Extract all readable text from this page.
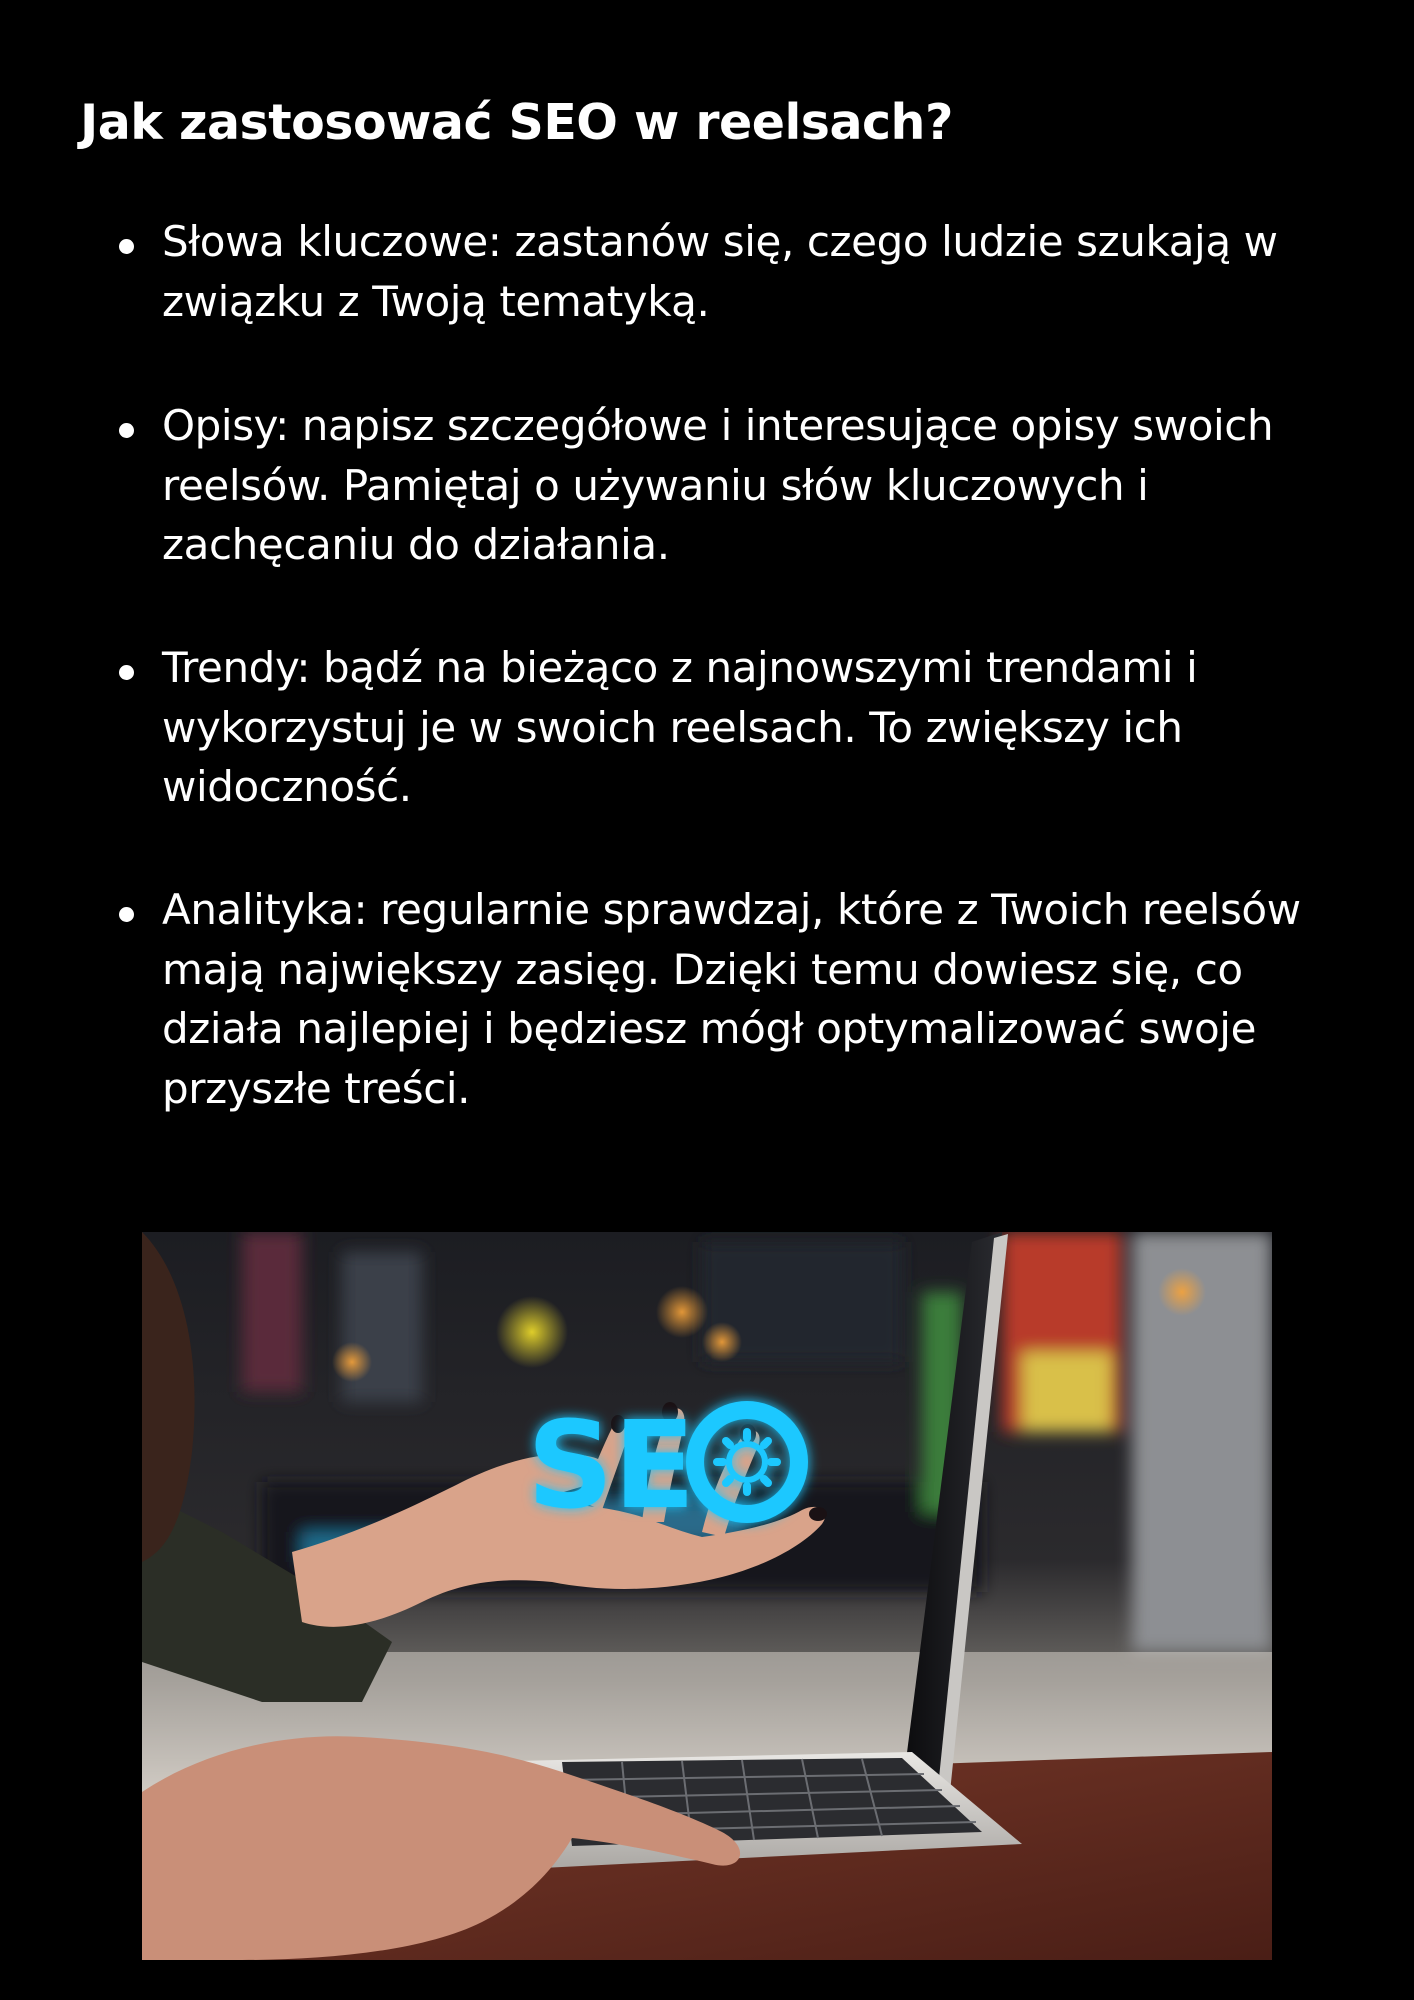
Jak zastosować SEO w reelsach?
Słowa kluczowe: zastanów się, czego ludzie szukają w związku z Twoją tematyką.
Opisy: napisz szczegółowe i interesujące opisy swoich reelsów. Pamiętaj o używaniu słów kluczowych i zachęcaniu do działania.
Trendy: bądź na bieżąco z najnowszymi trendami i wykorzystuj je w swoich reelsach. To zwiększy ich widoczność.
Analityka: regularnie sprawdzaj, które z Twoich reelsów mają największy zasięg. Dzięki temu dowiesz się, co działa najlepiej i będziesz mógł optymalizować swoje przyszłe treści.
SE
